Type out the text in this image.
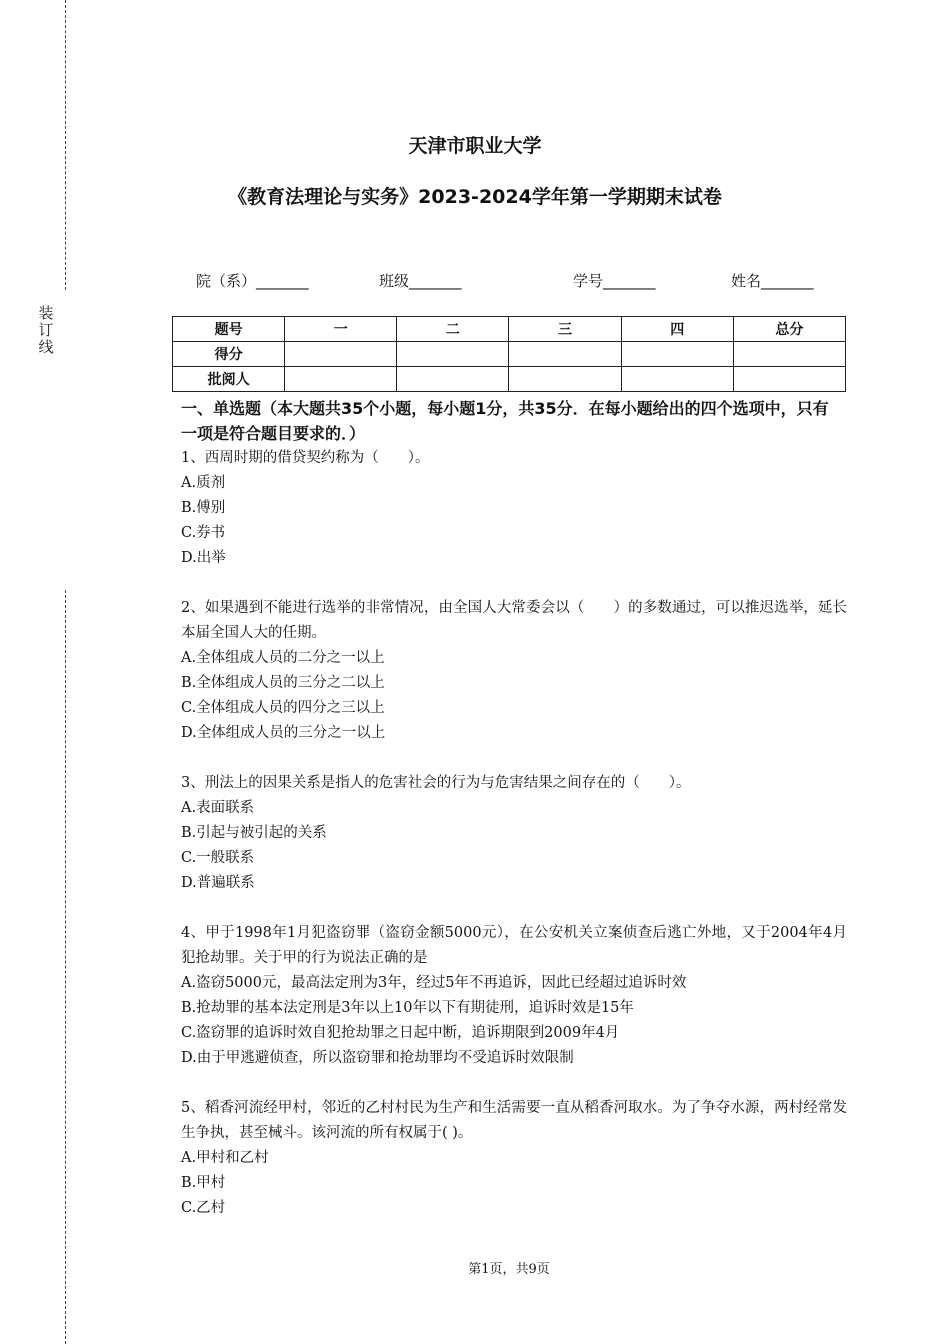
装
订
线
天津市职业大学
《教育法理论与实务》2023-2024学年第一学期期末试卷
院（系）_______	班级_______	学号_______	姓名_______
题号	一	二	三	四	总分
得分					
批阅人					
一、单选题（本大题共35个小题，每小题1分，共35分．在每小题给出的四个选项中，只有一项是符合题目要求的．）
1、西周时期的借贷契约称为（　　）。
A.质剂
B.傅别
C.券书
D.出举
2、如果遇到不能进行选举的非常情况，由全国人大常委会以（　　）的多数通过，可以推迟选举，延长本届全国人大的任期。
A.全体组成人员的二分之一以上
B.全体组成人员的三分之二以上
C.全体组成人员的四分之三以上
D.全体组成人员的三分之一以上
3、刑法上的因果关系是指人的危害社会的行为与危害结果之间存在的（　　）。
A.表面联系
B.引起与被引起的关系
C.一般联系
D.普遍联系
4、甲于1998年1月犯盗窃罪（盗窃金额5000元），在公安机关立案侦查后逃亡外地，又于2004年4月犯抢劫罪。关于甲的行为说法正确的是
A.盗窃5000元，最高法定刑为3年，经过5年不再追诉，因此已经超过追诉时效
B.抢劫罪的基本法定刑是3年以上10年以下有期徒刑，追诉时效是15年
C.盗窃罪的追诉时效自犯抢劫罪之日起中断，追诉期限到2009年4月
D.由于甲逃避侦查，所以盗窃罪和抢劫罪均不受追诉时效限制
5、稻香河流经甲村，邻近的乙村村民为生产和生活需要一直从稻香河取水。为了争夺水源，两村经常发生争执，甚至械斗。该河流的所有权属于( )。
A.甲村和乙村
B.甲村
C.乙村
第1页，共9页
